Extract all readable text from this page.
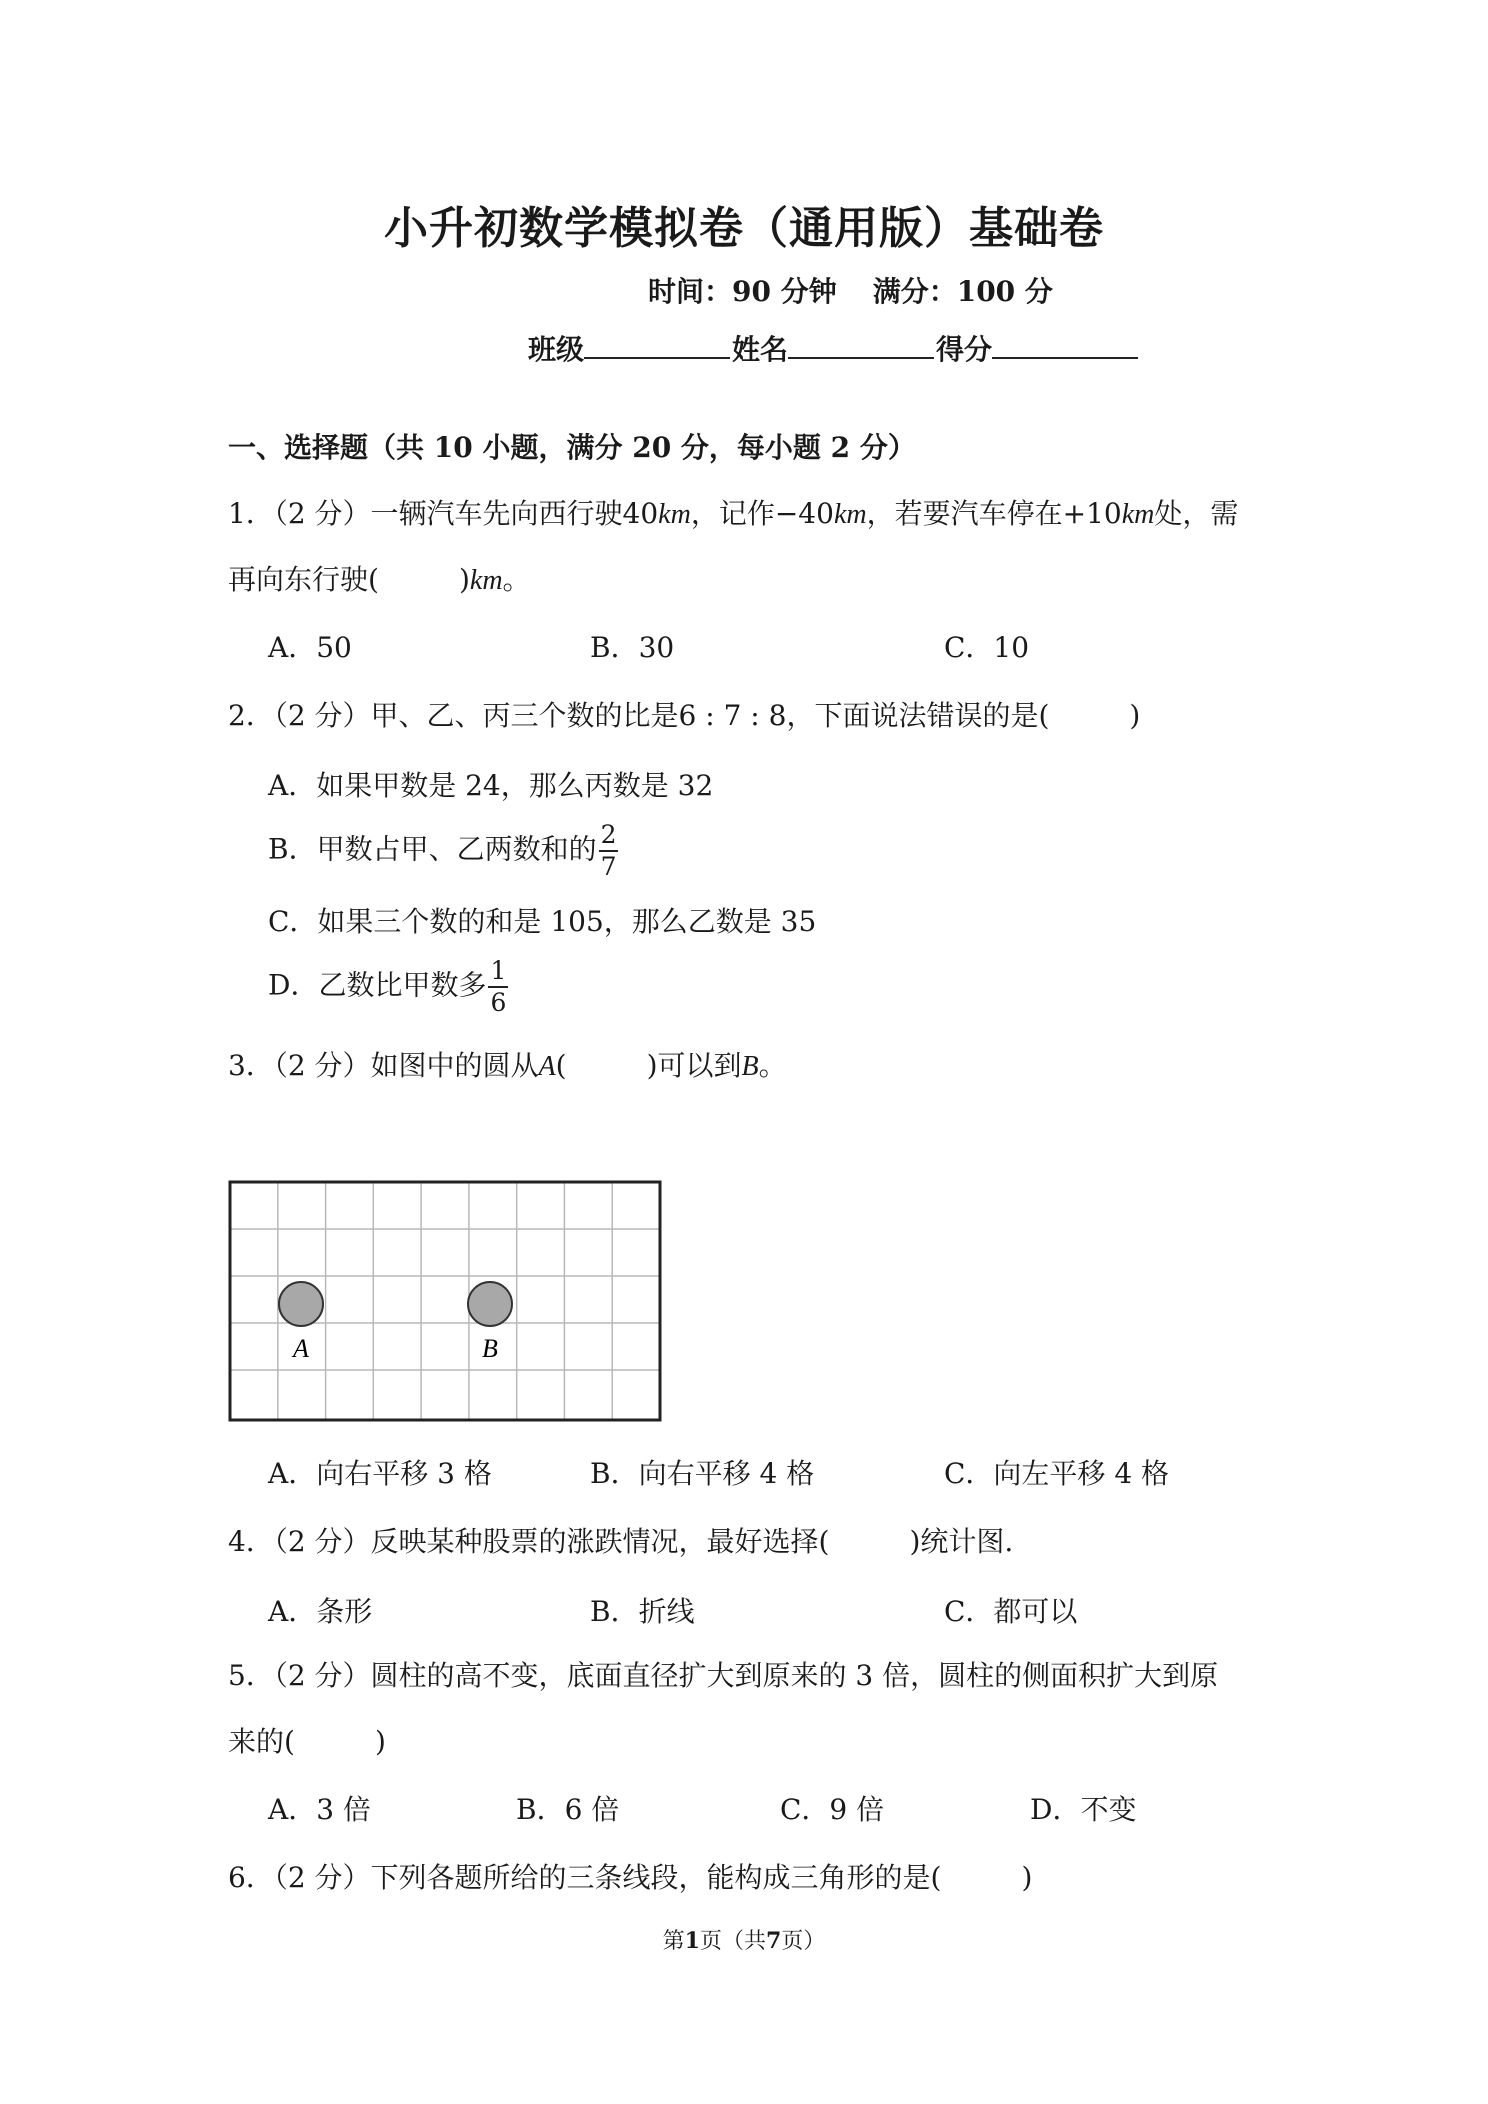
小升初数学模拟卷（通用版）基础卷
时间：90 分钟 满分：100 分
班级	姓名	得分
一、选择题（共 10 小题，满分 20 分，每小题 2 分）
1．（2 分）一辆汽车先向西行驶40km，记作−40km，若要汽车停在+10km处，需
再向东行驶(	)km。
A．50	B．30	C．10
2．（2 分）甲、乙、丙三个数的比是6 : 7 : 8，下面说法错误的是(	)
A．如果甲数是 24，那么丙数是 32
B．甲数占甲、乙两数和的 $\frac{2}{7}$
C．如果三个数的和是 105，那么乙数是 35
D．乙数比甲数多 $\frac{1}{6}$
3．（2 分）如图中的圆从A(	)可以到B。
A	B
A．向右平移 3 格	B．向右平移 4 格	C．向左平移 4 格
4．（2 分）反映某种股票的涨跌情况，最好选择(	)统计图.
A．条形	B．折线	C．都可以
5．（2 分）圆柱的高不变，底面直径扩大到原来的 3 倍，圆柱的侧面积扩大到原
来的(	)
A．3 倍	B．6 倍	C．9 倍	D．不变
6．（2 分）下列各题所给的三条线段，能构成三角形的是(	)
第1页（共7页）
